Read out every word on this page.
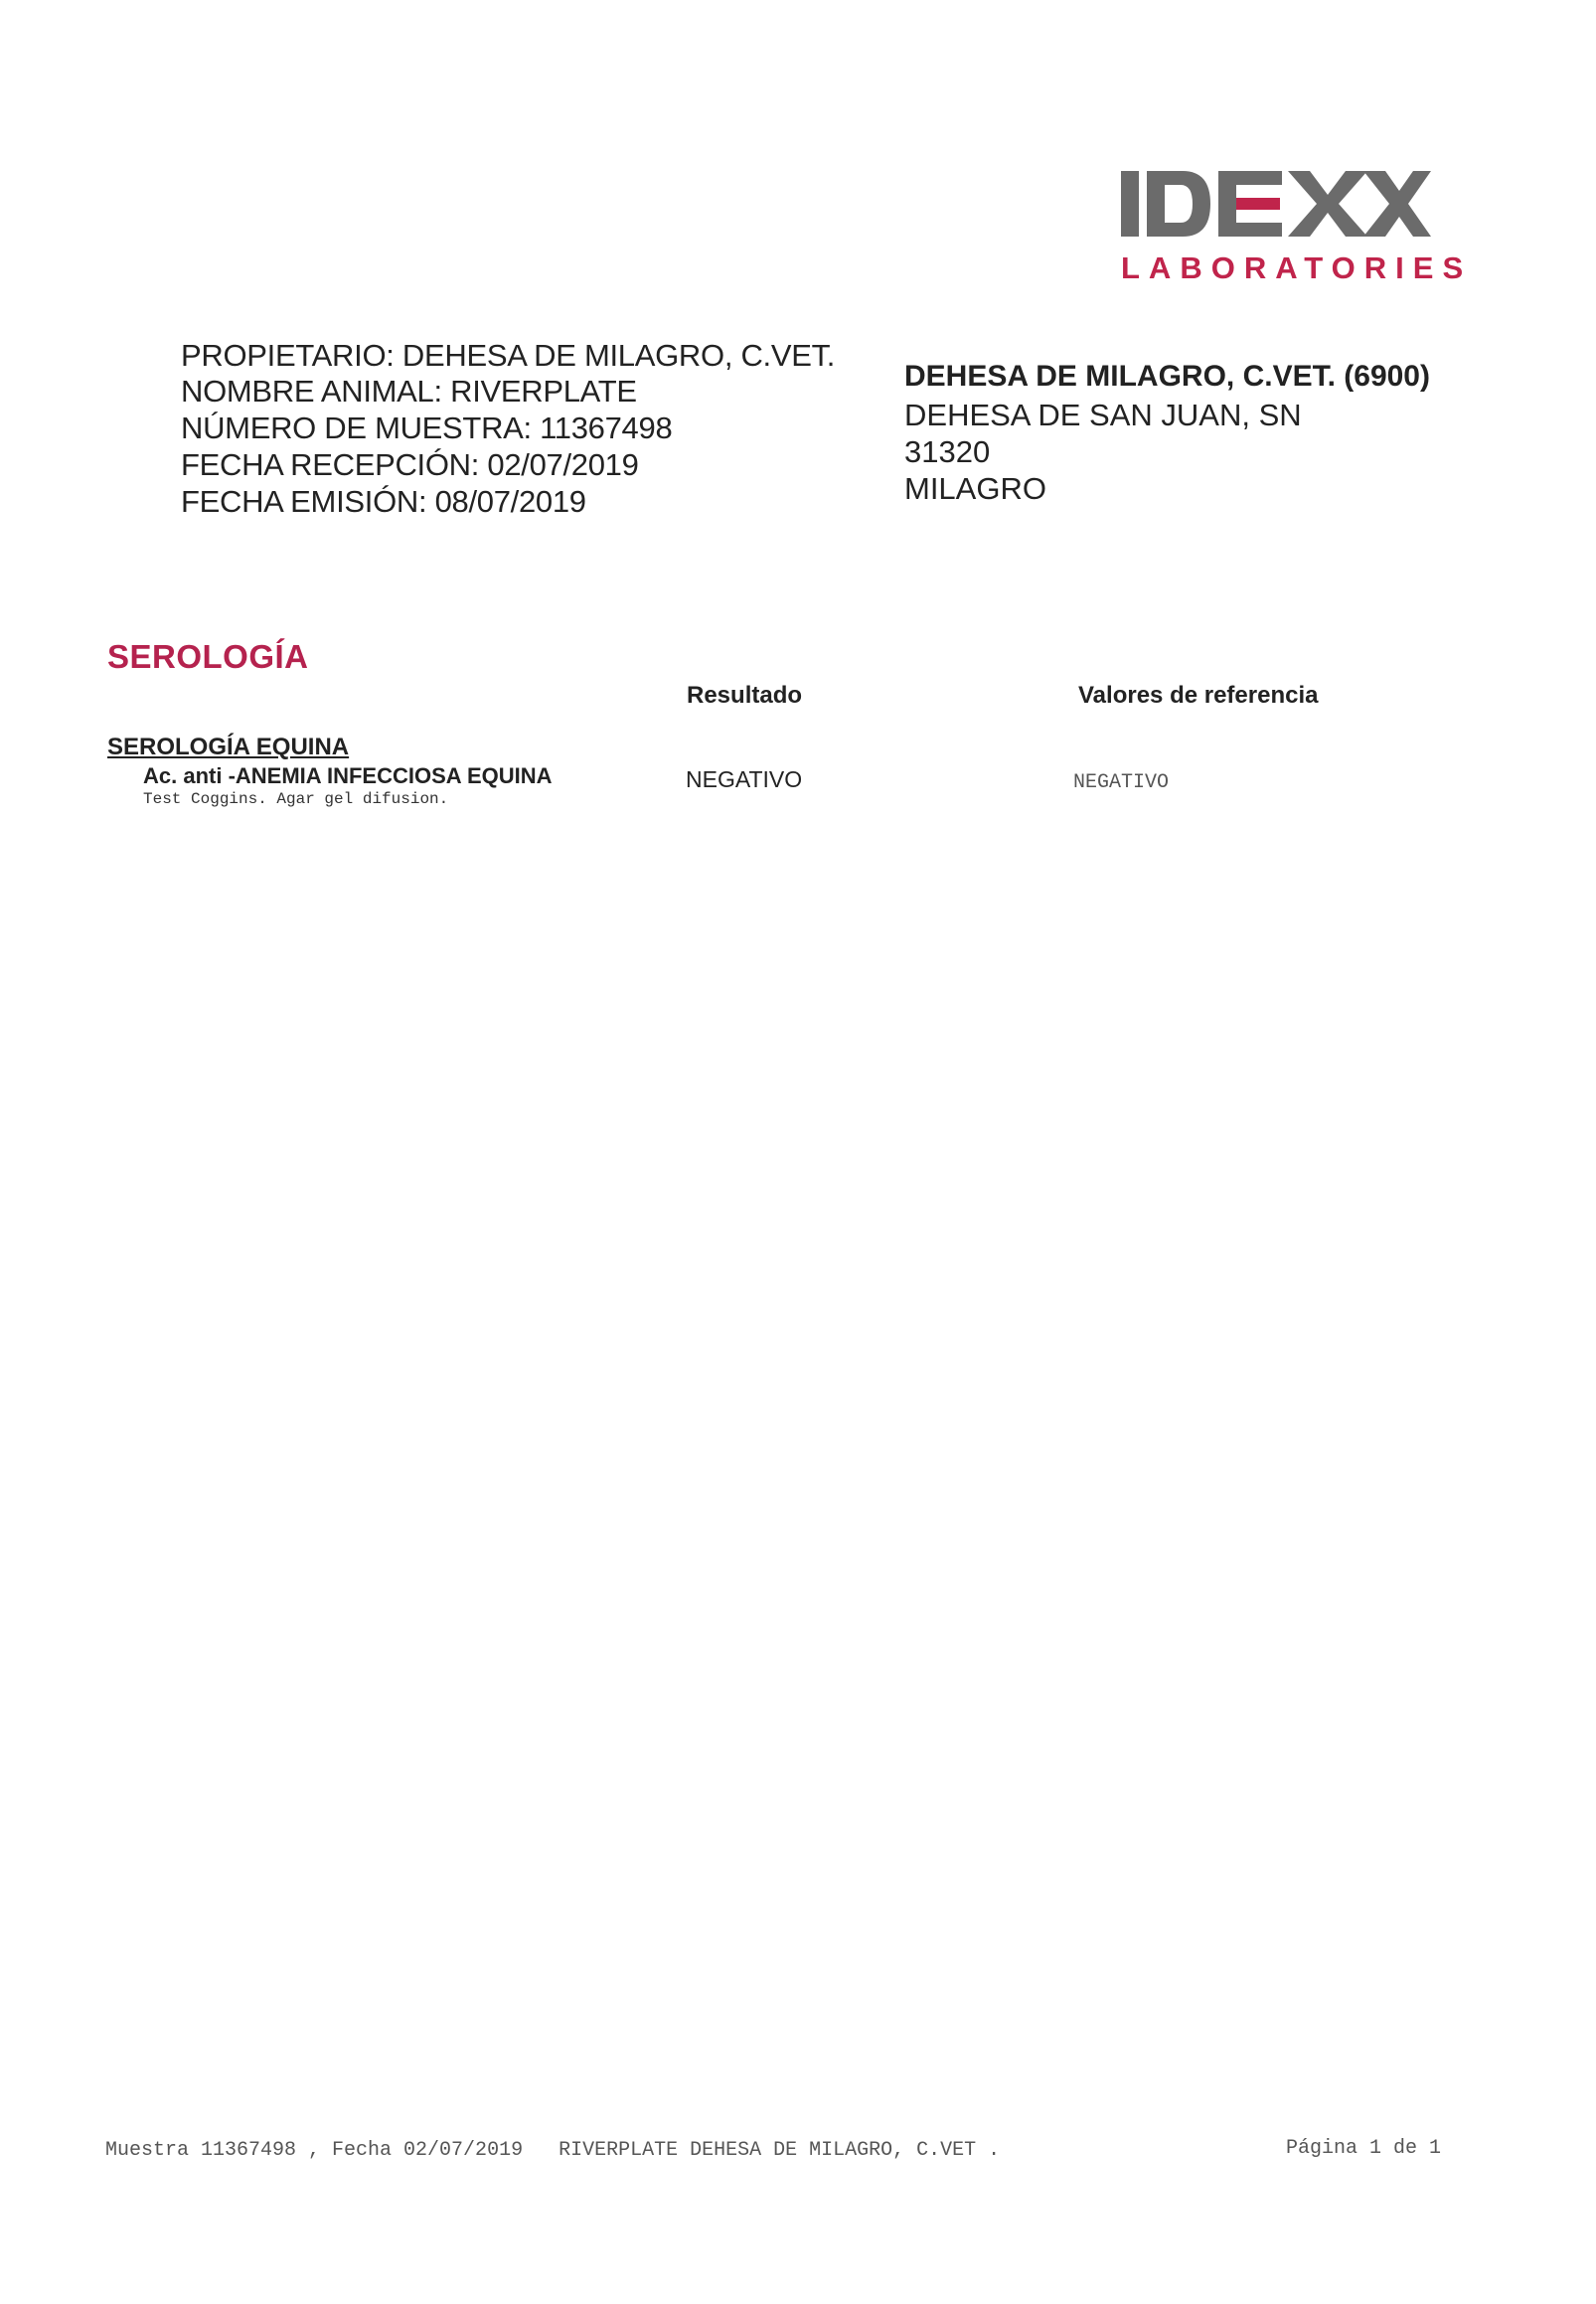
LABORATORIES
PROPIETARIO: DEHESA DE MILAGRO, C.VET.
NOMBRE ANIMAL: RIVERPLATE
NÚMERO DE MUESTRA: 11367498
FECHA RECEPCIÓN: 02/07/2019
FECHA EMISIÓN: 08/07/2019
DEHESA DE MILAGRO, C.VET. (6900)
DEHESA DE SAN JUAN, SN
31320
MILAGRO
SEROLOGÍA
Resultado	Valores de referencia
SEROLOGÍA EQUINA
Ac. anti -ANEMIA INFECCIOSA EQUINA
Test Coggins. Agar gel difusion.
NEGATIVO	NEGATIVO
Muestra 11367498 , Fecha 02/07/2019   RIVERPLATE DEHESA DE MILAGRO, C.VET .	Página 1 de 1
